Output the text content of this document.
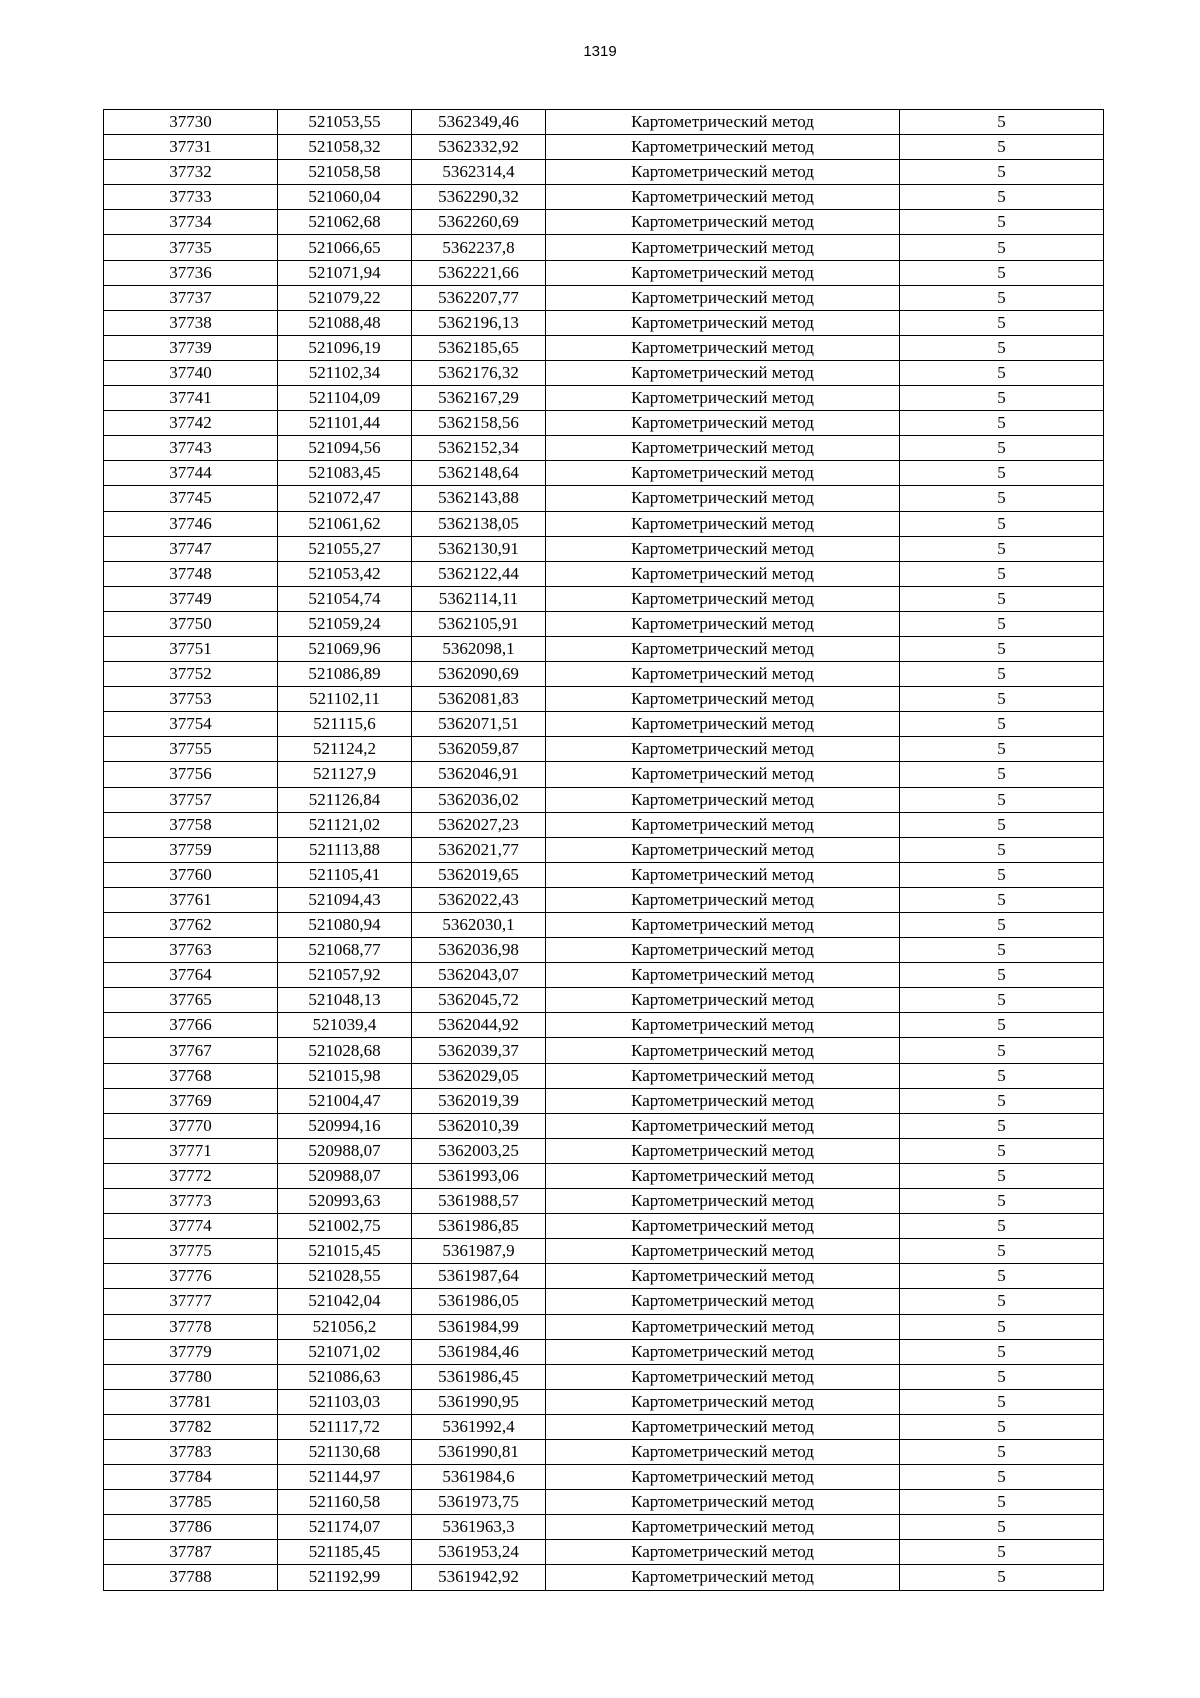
1319
37730	521053,55	5362349,46	Картометрический метод	5
37731	521058,32	5362332,92	Картометрический метод	5
37732	521058,58	5362314,4	Картометрический метод	5
37733	521060,04	5362290,32	Картометрический метод	5
37734	521062,68	5362260,69	Картометрический метод	5
37735	521066,65	5362237,8	Картометрический метод	5
37736	521071,94	5362221,66	Картометрический метод	5
37737	521079,22	5362207,77	Картометрический метод	5
37738	521088,48	5362196,13	Картометрический метод	5
37739	521096,19	5362185,65	Картометрический метод	5
37740	521102,34	5362176,32	Картометрический метод	5
37741	521104,09	5362167,29	Картометрический метод	5
37742	521101,44	5362158,56	Картометрический метод	5
37743	521094,56	5362152,34	Картометрический метод	5
37744	521083,45	5362148,64	Картометрический метод	5
37745	521072,47	5362143,88	Картометрический метод	5
37746	521061,62	5362138,05	Картометрический метод	5
37747	521055,27	5362130,91	Картометрический метод	5
37748	521053,42	5362122,44	Картометрический метод	5
37749	521054,74	5362114,11	Картометрический метод	5
37750	521059,24	5362105,91	Картометрический метод	5
37751	521069,96	5362098,1	Картометрический метод	5
37752	521086,89	5362090,69	Картометрический метод	5
37753	521102,11	5362081,83	Картометрический метод	5
37754	521115,6	5362071,51	Картометрический метод	5
37755	521124,2	5362059,87	Картометрический метод	5
37756	521127,9	5362046,91	Картометрический метод	5
37757	521126,84	5362036,02	Картометрический метод	5
37758	521121,02	5362027,23	Картометрический метод	5
37759	521113,88	5362021,77	Картометрический метод	5
37760	521105,41	5362019,65	Картометрический метод	5
37761	521094,43	5362022,43	Картометрический метод	5
37762	521080,94	5362030,1	Картометрический метод	5
37763	521068,77	5362036,98	Картометрический метод	5
37764	521057,92	5362043,07	Картометрический метод	5
37765	521048,13	5362045,72	Картометрический метод	5
37766	521039,4	5362044,92	Картометрический метод	5
37767	521028,68	5362039,37	Картометрический метод	5
37768	521015,98	5362029,05	Картометрический метод	5
37769	521004,47	5362019,39	Картометрический метод	5
37770	520994,16	5362010,39	Картометрический метод	5
37771	520988,07	5362003,25	Картометрический метод	5
37772	520988,07	5361993,06	Картометрический метод	5
37773	520993,63	5361988,57	Картометрический метод	5
37774	521002,75	5361986,85	Картометрический метод	5
37775	521015,45	5361987,9	Картометрический метод	5
37776	521028,55	5361987,64	Картометрический метод	5
37777	521042,04	5361986,05	Картометрический метод	5
37778	521056,2	5361984,99	Картометрический метод	5
37779	521071,02	5361984,46	Картометрический метод	5
37780	521086,63	5361986,45	Картометрический метод	5
37781	521103,03	5361990,95	Картометрический метод	5
37782	521117,72	5361992,4	Картометрический метод	5
37783	521130,68	5361990,81	Картометрический метод	5
37784	521144,97	5361984,6	Картометрический метод	5
37785	521160,58	5361973,75	Картометрический метод	5
37786	521174,07	5361963,3	Картометрический метод	5
37787	521185,45	5361953,24	Картометрический метод	5
37788	521192,99	5361942,92	Картометрический метод	5
